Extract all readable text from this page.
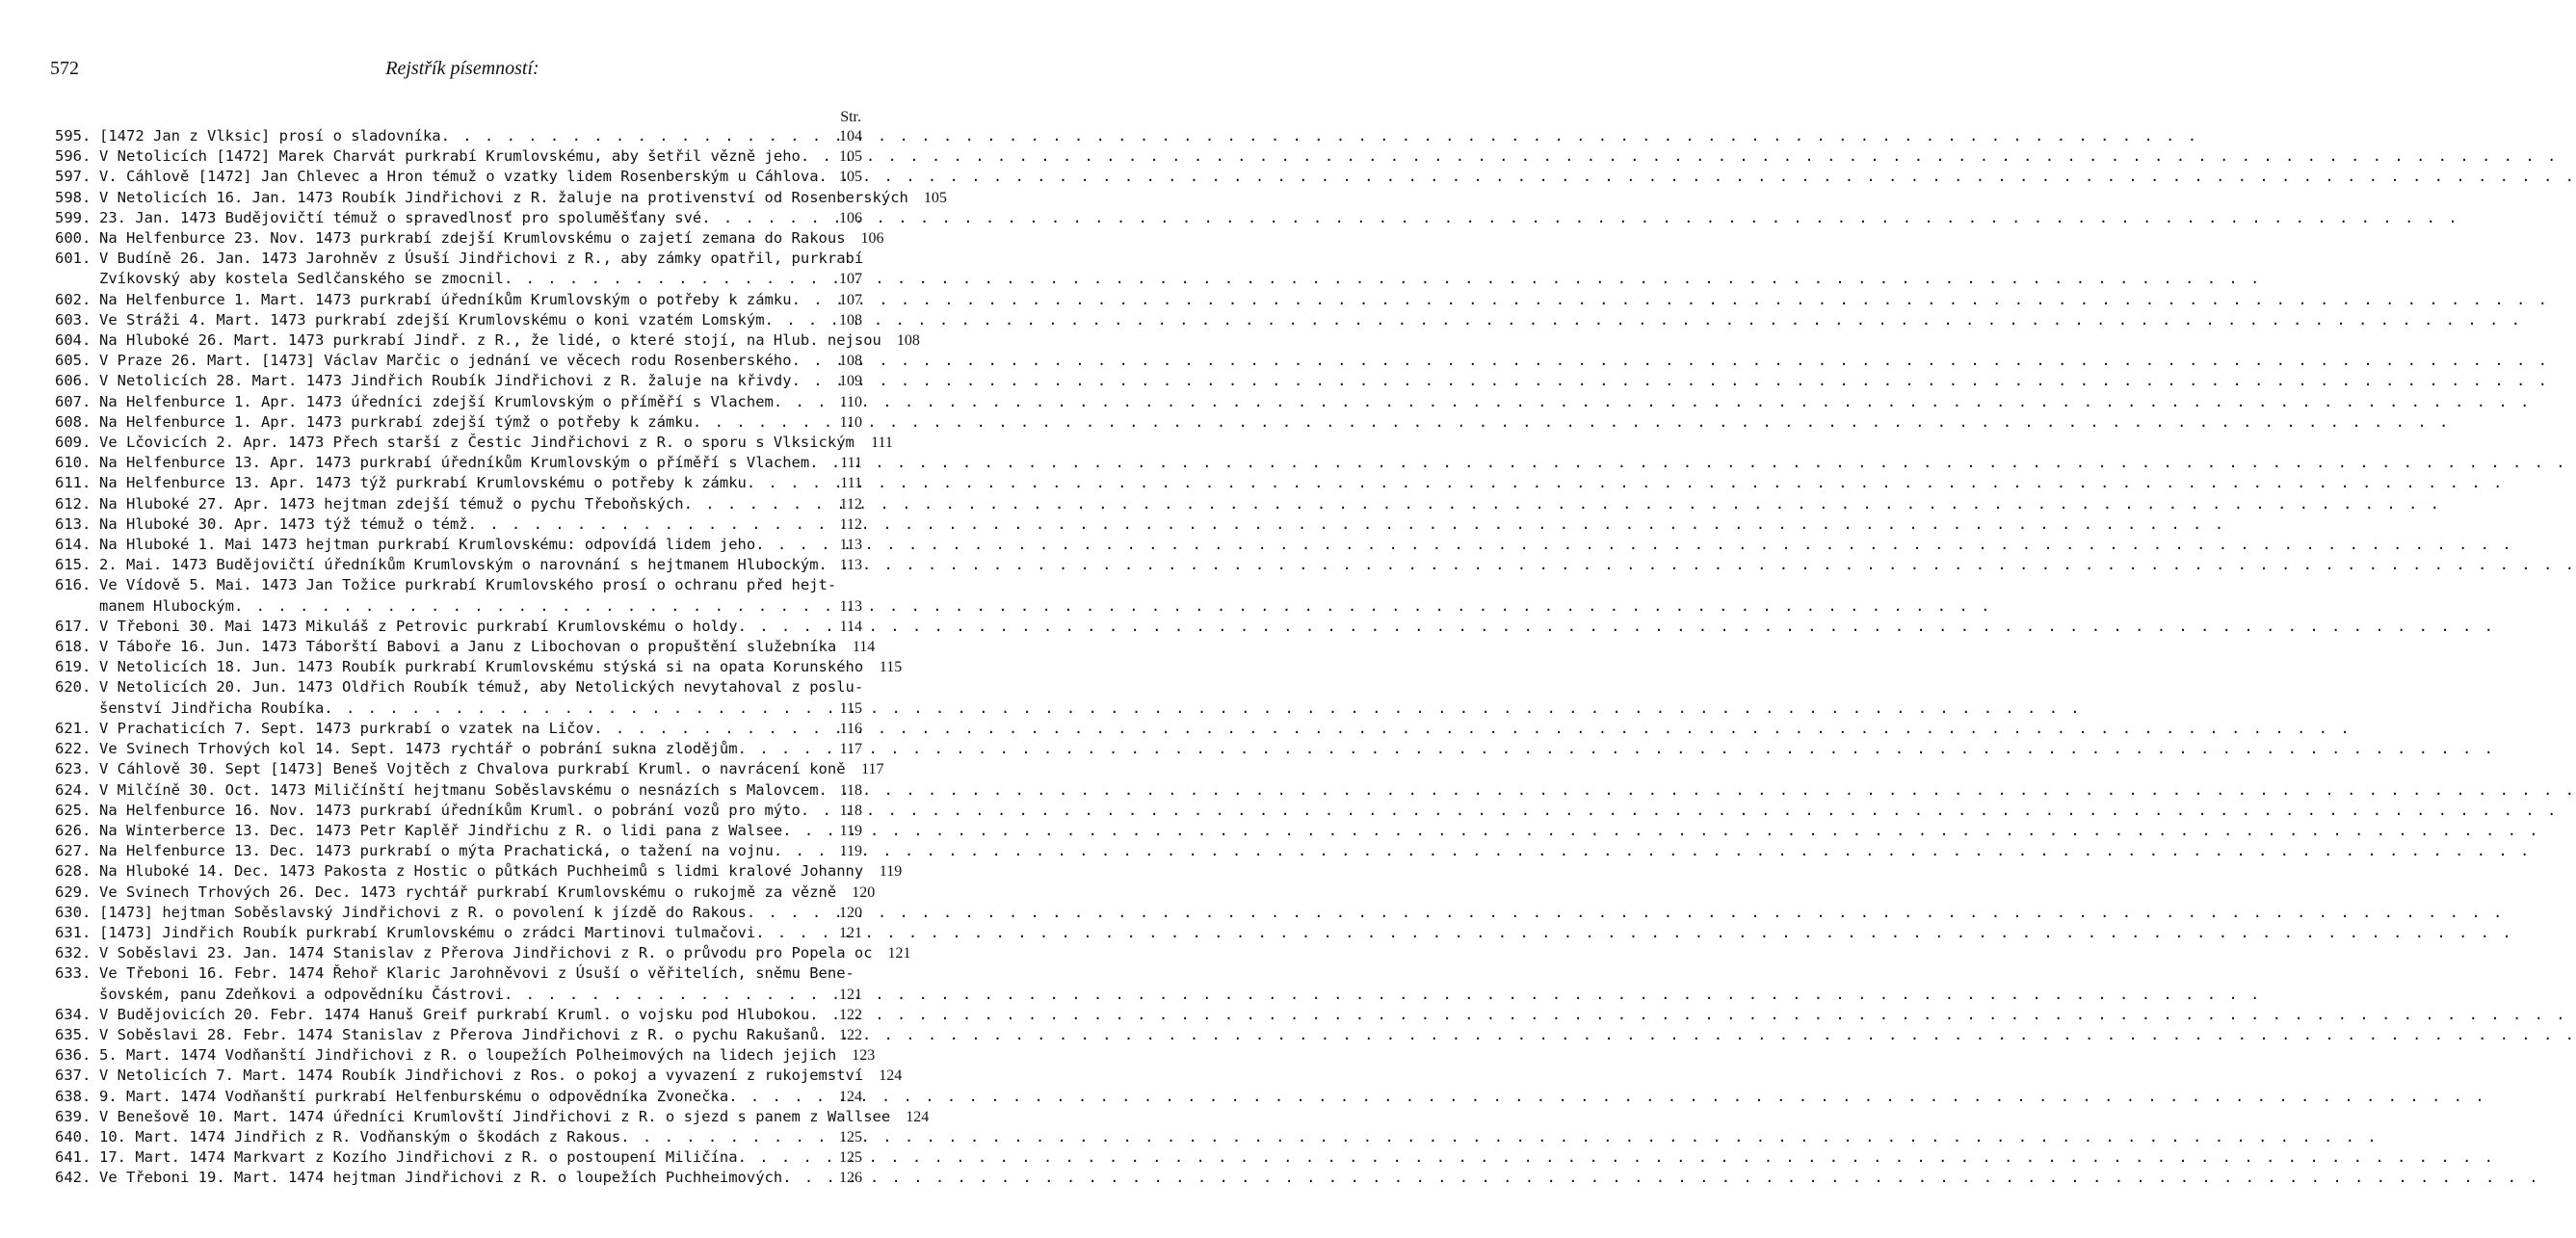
572	Rejstřík písemností:
Str.
595. [1472 Jan z Vlksic] prosí o sladovníka . . .	104
596. V Netolicích [1472] Marek Charvát purkrabí Krumlovskému, aby šetřil vězně jeho . . .	105
597. V. Cáhlově [1472] Jan Chlevec a Hron témuž o vzatky lidem Rosenberským u Cáhlova . . .	105
598. V Netolicích 16. Jan. 1473 Roubík Jindřichovi z R. žaluje na protivenství od Rosenberských	105
599. 23. Jan. 1473 Budějovičtí témuž o spravedlnosť pro spoluměšťany své . . .	106
600. Na Helfenburce 23. Nov. 1473 purkrabí zdejší Krumlovskému o zajetí zemana do Rakous	106
601. V Budíně 26. Jan. 1473 Jarohněv z Úsuší Jindřichovi z R., aby zámky opatřil, purkrabí
Zvíkovský aby kostela Sedlčanského se zmocnil . . .	107
602. Na Helfenburce 1. Mart. 1473 purkrabí úředníkům Krumlovským o potřeby k zámku . . .	107
603. Ve Stráži 4. Mart. 1473 purkrabí zdejší Krumlovskému o koni vzatém Lomským . . .	108
604. Na Hluboké 26. Mart. 1473 purkrabí Jindř. z R., že lidé, o které stojí, na Hlub. nejsou	108
605. V Praze 26. Mart. [1473] Václav Marčic o jednání ve věcech rodu Rosenberského . . .	108
606. V Netolicích 28. Mart. 1473 Jindřich Roubík Jindřichovi z R. žaluje na křivdy . . .	109
607. Na Helfenburce 1. Apr. 1473 úředníci zdejší Krumlovským o příměří s Vlachem . . .	110
608. Na Helfenburce 1. Apr. 1473 purkrabí zdejší týmž o potřeby k zámku . . .	110
609. Ve Lčovicích 2. Apr. 1473 Přech starší z Čestic Jindřichovi z R. o sporu s Vlksickým	111
610. Na Helfenburce 13. Apr. 1473 purkrabí úředníkům Krumlovským o příměří s Vlachem . . .	111
611. Na Helfenburce 13. Apr. 1473 týž purkrabí Krumlovskému o potřeby k zámku . . .	111
612. Na Hluboké 27. Apr. 1473 hejtman zdejší témuž o pychu Třeboňských . . .	112
613. Na Hluboké 30. Apr. 1473 týž témuž o témž . . .	112
614. Na Hluboké 1. Mai 1473 hejtman purkrabí Krumlovskému: odpovídá lidem jeho . . .	113
615. 2. Mai. 1473 Budějovičtí úředníkům Krumlovským o narovnání s hejtmanem Hlubockým . . .	113
616. Ve Vídově 5. Mai. 1473 Jan Tožice purkrabí Krumlovského prosí o ochranu před hejt-
manem Hlubockým . . .	113
617. V Třeboni 30. Mai 1473 Mikuláš z Petrovic purkrabí Krumlovskému o holdy . . .	114
618. V Táboře 16. Jun. 1473 Táborští Babovi a Janu z Libochovan o propuštění služebníka	114
619. V Netolicích 18. Jun. 1473 Roubík purkrabí Krumlovskému stýská si na opata Korunského	115
620. V Netolicích 20. Jun. 1473 Oldřich Roubík témuž, aby Netolických nevytahoval z poslu-
šenství Jindřicha Roubíka . . .	115
621. V Prachaticích 7. Sept. 1473 purkrabí o vzatek na Ličov . . .	116
622. Ve Svinech Trhových kol 14. Sept. 1473 rychtář o pobrání sukna zlodějům . . .	117
623. V Cáhlově 30. Sept [1473] Beneš Vojtěch z Chvalova purkrabí Kruml. o navrácení koně	117
624. V Milčíně 30. Oct. 1473 Miličínští hejtmanu Soběslavskému o nesnázích s Malovcem . . .	118
625. Na Helfenburce 16. Nov. 1473 purkrabí úředníkům Kruml. o pobrání vozů pro mýto . . .	118
626. Na Winterberce 13. Dec. 1473 Petr Kaplěř Jindřichu z R. o lidi pana z Walsee . . .	119
627. Na Helfenburce 13. Dec. 1473 purkrabí o mýta Prachatická, o tažení na vojnu . . .	119
628. Na Hluboké 14. Dec. 1473 Pakosta z Hostic o půtkách Puchheimů s lidmi kralové Johanny	119
629. Ve Svinech Trhových 26. Dec. 1473 rychtář purkrabí Krumlovskému o rukojmě za vězně	120
630. [1473] hejtman Soběslavský Jindřichovi z R. o povolení k jízdě do Rakous . . .	120
631. [1473] Jindřich Roubík purkrabí Krumlovskému o zrádci Martinovi tulmačovi . . .	121
632. V Soběslavi 23. Jan. 1474 Stanislav z Přerova Jindřichovi z R. o průvodu pro Popela oc	121
633. Ve Třeboni 16. Febr. 1474 Řehoř Klaric Jarohněvovi z Úsuší o věřitelích, sněmu Bene-
šovském, panu Zdeňkovi a odpovědníku Částrovi . . .	121
634. V Budějovicích 20. Febr. 1474 Hanuš Greif purkrabí Kruml. o vojsku pod Hlubokou . . .	122
635. V Soběslavi 28. Febr. 1474 Stanislav z Přerova Jindřichovi z R. o pychu Rakušanů . . .	122
636. 5. Mart. 1474 Vodňanští Jindřichovi z R. o loupežích Polheimových na lidech jejich	123
637. V Netolicích 7. Mart. 1474 Roubík Jindřichovi z Ros. o pokoj a vyvazení z rukojemství	124
638. 9. Mart. 1474 Vodňanští purkrabí Helfenburskému o odpovědníka Zvonečka . . .	124
639. V Benešově 10. Mart. 1474 úředníci Krumlovští Jindřichovi z R. o sjezd s panem z Wallsee	124
640. 10. Mart. 1474 Jindřich z R. Vodňanským o škodách z Rakous . . .	125
641. 17. Mart. 1474 Markvart z Kozího Jindřichovi z R. o postoupení Miličína . . .	125
642. Ve Třeboni 19. Mart. 1474 hejtman Jindřichovi z R. o loupežích Puchheimových . . .	126
